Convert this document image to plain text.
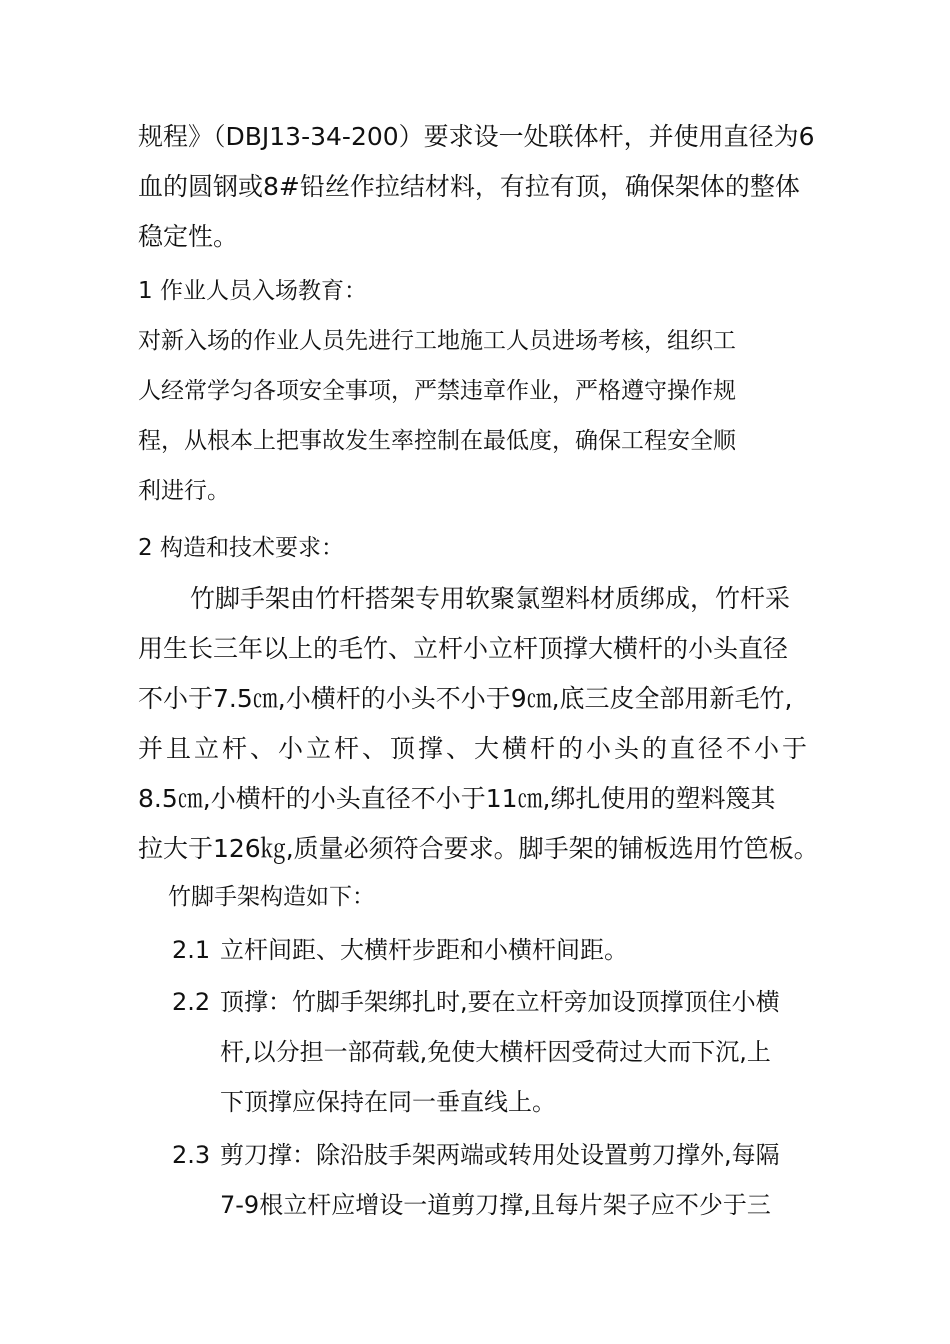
规程》（DBJ13-34-200）要求设一处联体杆，并使用直径为6
血的圆钢或8#铅丝作拉结材料，有拉有顶，确保架体的整体
稳定性。
1 作业人员入场教育：
对新入场的作业人员先进行工地施工人员进场考核，组织工
人经常学匀各项安全事项，严禁违章作业，严格遵守操作规
程，从根本上把事故发生率控制在最低度，确保工程安全顺
利进行。
2 构造和技术要求：
竹脚手架由竹杆搭架专用软聚氯塑料材质绑成，竹杆采
用生长三年以上的毛竹、立杆小立杆顶撑大横杆的小头直径
不小于7.5㎝,小横杆的小头不小于9㎝,底三皮全部用新毛竹,
并且立杆、小立杆、顶撑、大横杆的小头的直径不小于
8.5㎝,小横杆的小头直径不小于11㎝,绑扎使用的塑料篾其
拉大于126㎏,质量必须符合要求。脚手架的铺板选用竹笆板。
竹脚手架构造如下：
2.1 立杆间距、大横杆步距和小横杆间距。
2.2 顶撑：竹脚手架绑扎时,要在立杆旁加设顶撑顶住小横
杆,以分担一部荷载,免使大横杆因受荷过大而下沉,上
下顶撑应保持在同一垂直线上。
2.3 剪刀撑：除沿肢手架两端或转用处设置剪刀撑外,每隔
7-9根立杆应增设一道剪刀撑,且每片架子应不少于三
